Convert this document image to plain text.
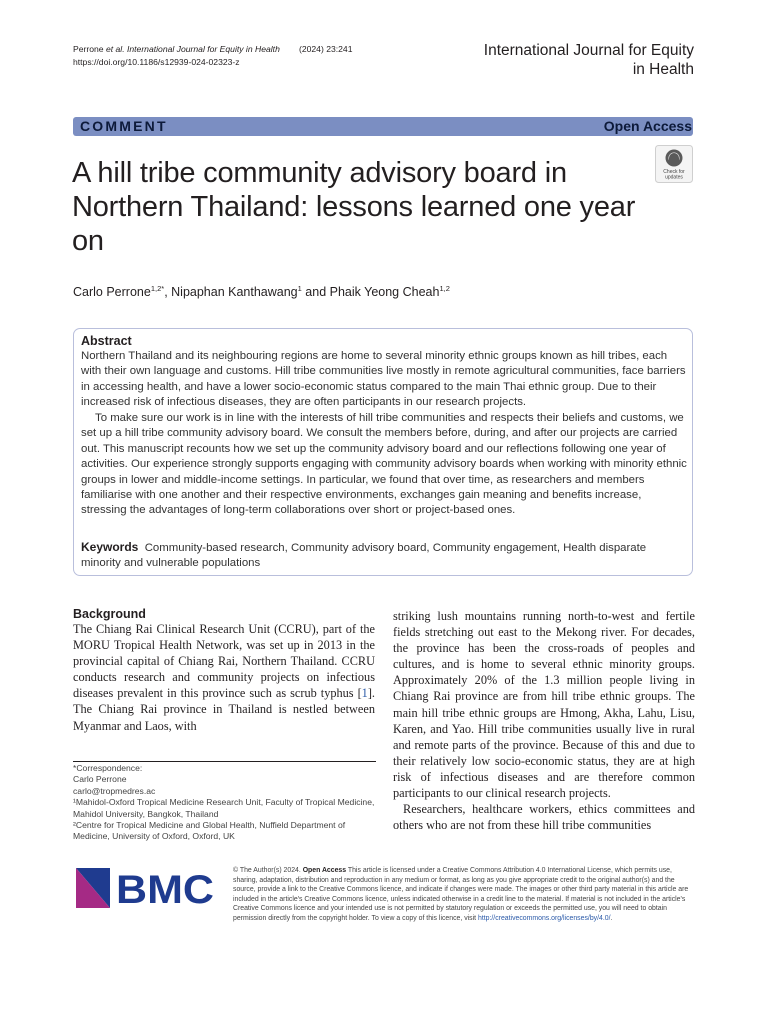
Perrone et al. International Journal for Equity in Health (2024) 23:241
https://doi.org/10.1186/s12939-024-02323-z
International Journal for Equity
in Health
COMMENT	Open Access
Check for
updates
A hill tribe community advisory board in Northern Thailand: lessons learned one year on
Carlo Perrone$^{1,2*}$, Nipaphan Kanthawang$^1$ and Phaik Yeong Cheah$^{1,2}$
Abstract
Northern Thailand and its neighbouring regions are home to several minority ethnic groups known as hill tribes, each with their own language and customs. Hill tribe communities live mostly in remote agricultural communities, face barriers in accessing health, and have a lower socio-economic status compared to the main Thai ethnic group. Due to their increased risk of infectious diseases, they are often participants in our research projects.
To make sure our work is in line with the interests of hill tribe communities and respects their beliefs and customs, we set up a hill tribe community advisory board. We consult the members before, during, and after our projects are carried out. This manuscript recounts how we set up the community advisory board and our reflections following one year of activities. Our experience strongly supports engaging with community advisory boards when working with minority ethnic groups in lower and middle-income settings. In particular, we found that over time, as researchers and members familiarise with one another and their respective environments, exchanges gain meaning and benefits increase, stressing the advantages of long-term collaborations over short or project-based ones.
Keywords Community-based research, Community advisory board, Community engagement, Health disparate minority and vulnerable populations
Background

The Chiang Rai Clinical Research Unit (CCRU), part of the MORU Tropical Health Network, was set up in 2013 in the provincial capital of Chiang Rai, Northern Thailand. CCRU conducts research and community projects on infectious diseases prevalent in this province such as scrub typhus [1]. The Chiang Rai province in Thailand is nestled between Myanmar and Laos, with

striking lush mountains running north-to-west and fertile fields stretching out east to the Mekong river. For decades, the province has been the cross-roads of peoples and cultures, and is home to several ethnic minority groups. Approximately 20% of the 1.3 million people living in Chiang Rai province are from hill tribe ethnic groups. The main hill tribe ethnic groups are Hmong, Akha, Lahu, Lisu, Karen, and Yao. Hill tribe communities usually live in rural and remote parts of the province. Because of this and due to their relatively low socio-economic status, they are at high risk of infectious diseases and are therefore common participants to our clinical research projects.

Researchers, healthcare workers, ethics committees and others who are not from these hill tribe communities

*Correspondence:
Carlo Perrone
carlo@tropmedres.ac
¹Mahidol-Oxford Tropical Medicine Research Unit, Faculty of Tropical Medicine, Mahidol University, Bangkok, Thailand
²Centre for Tropical Medicine and Global Health, Nuffield Department of Medicine, University of Oxford, Oxford, UK
BMC	© The Author(s) 2024. Open Access This article is licensed under a Creative Commons Attribution 4.0 International License, which permits use, sharing, adaptation, distribution and reproduction in any medium or format, as long as you give appropriate credit to the original author(s) and the source, provide a link to the Creative Commons licence, and indicate if changes were made. The images or other third party material in this article are included in the article's Creative Commons licence, unless indicated otherwise in a credit line to the material. If material is not included in the article's Creative Commons licence and your intended use is not permitted by statutory regulation or exceeds the permitted use, you will need to obtain permission directly from the copyright holder. To view a copy of this licence, visit http://creativecommons.org/licenses/by/4.0/.
